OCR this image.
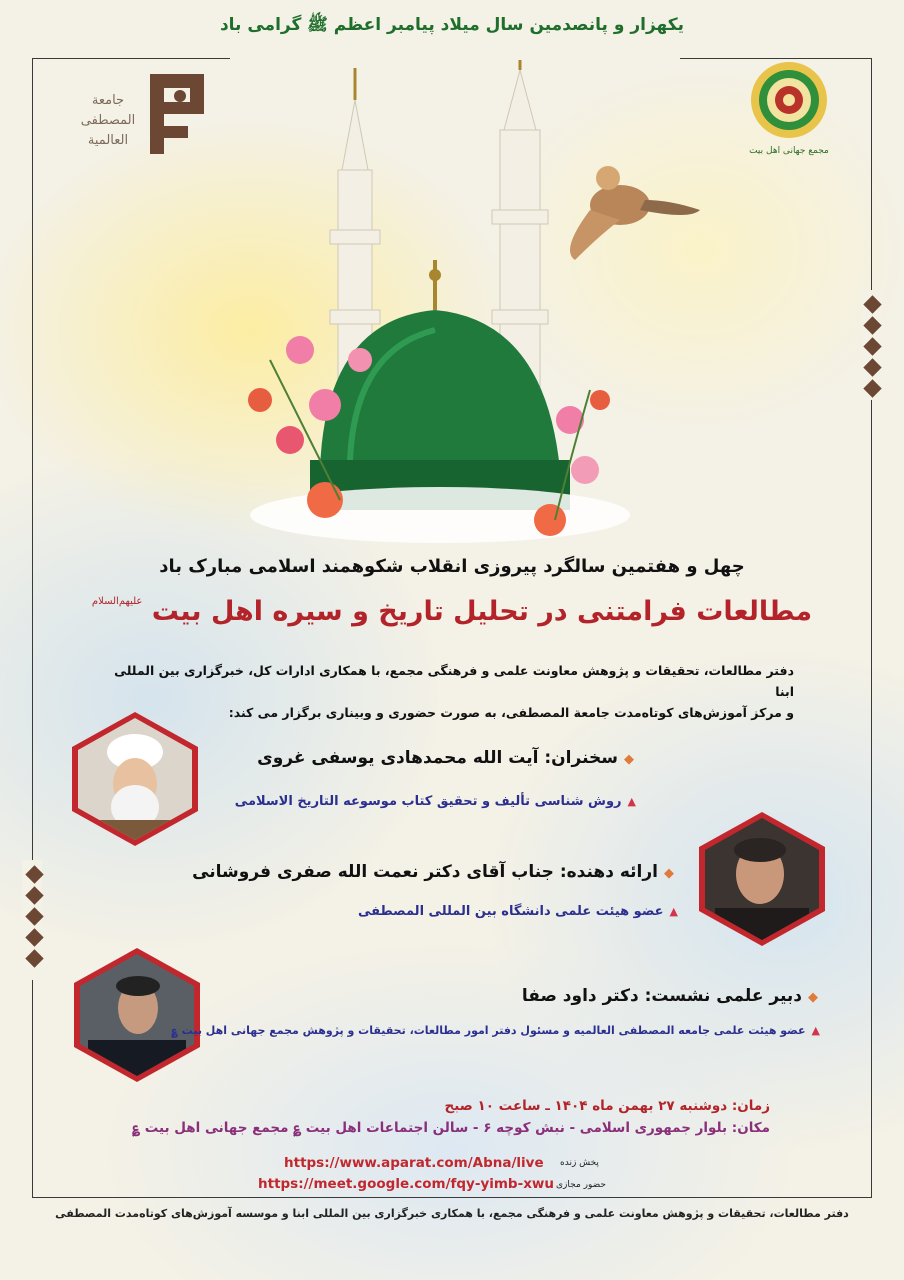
یکهزار و پانصدمین سال میلاد پیامبر اعظم ﷺ گرامی باد
جامعة
المصطفى
العالمية
مجمع جهانی اهل بیت
چهل و هفتمین سالگرد پیروزی انقلاب شکوهمند اسلامی مبارک باد
مطالعات فرامتنی در تحلیل تاریخ و سیره اهل بیت $^{علیهم‌السلام}$
دفتر مطالعات، تحقیقات و پژوهش معاونت علمی و فرهنگی مجمع، با همکاری ادارات کل، خبرگزاری بین المللی ابنا
و مرکز آموزش‌های کوتاه‌مدت جامعة المصطفی، به صورت حضوری و وبیناری برگزار می کند:
◆سخنران: آیت الله محمدهادی یوسفی غروی
▲روش شناسی تألیف و تحقیق کتاب موسوعه التاریخ الاسلامی
◆ارائه دهنده: جناب آقای دکتر نعمت الله صفری فروشانی
▲عضو هیئت علمی دانشگاه بین المللی المصطفی
◆دبیر علمی نشست: دکتر داود صفا
▲عضو هیئت علمی جامعه المصطفی العالمیه و مسئول دفتر امور مطالعات، تحقیقات و پژوهش مجمع جهانی اهل بیت ؏
زمان: دوشنبه ۲۷ بهمن ماه ۱۴۰۴ ـ ساعت ۱۰ صبح
مکان: بلوار جمهوری اسلامی - نبش کوچه ۶ - سالن اجتماعات اهل بیت ؏ مجمع جهانی اهل بیت ؏
پخش زنده
https://www.aparat.com/Abna/live
حضور مجازی
https://meet.google.com/fqy-yimb-xwu
دفتر مطالعات، تحقیقات و پژوهش معاونت علمی و فرهنگی مجمع، با همکاری خبرگزاری بین المللی ابنا و موسسه آموزش‌های کوتاه‌مدت المصطفی
